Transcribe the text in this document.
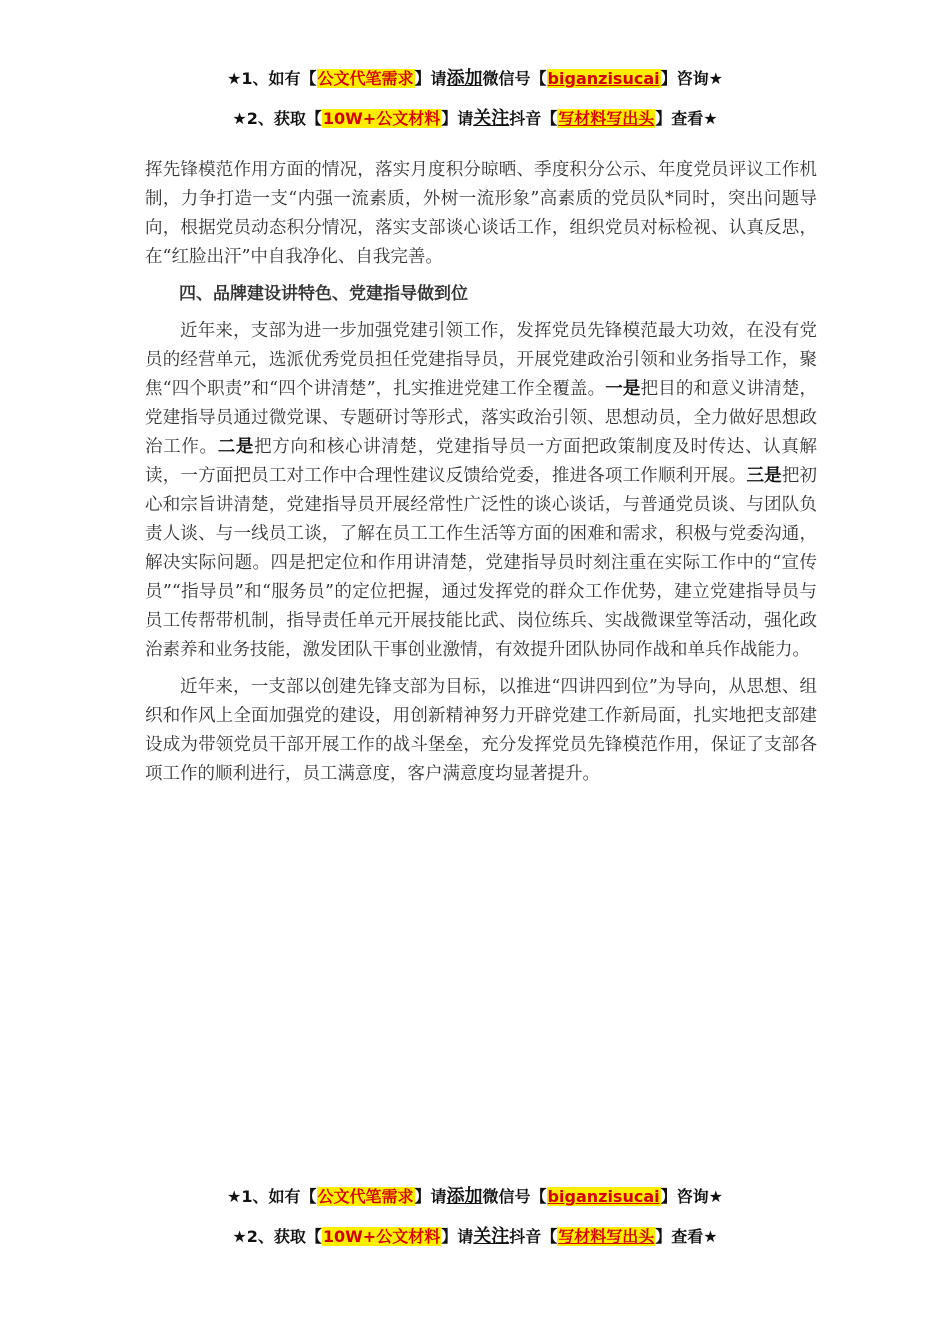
★1、如有【公文代笔需求】请添加微信号【biganzisucai】咨询★
★2、获取【10W+公文材料】请关注抖音【写材料写出头】查看★

挥先锋模范作用方面的情况，落实月度积分晾晒、季度积分公示、年度党员评议工作机制，力争打造一支“内强一流素质，外树一流形象”高素质的党员队*同时，突出问题导向，根据党员动态积分情况，落实支部谈心谈话工作，组织党员对标检视、认真反思，在“红脸出汗”中自我净化、自我完善。

四、品牌建设讲特色、党建指导做到位

近年来，支部为进一步加强党建引领工作，发挥党员先锋模范最大功效，在没有党员的经营单元，选派优秀党员担任党建指导员，开展党建政治引领和业务指导工作，聚焦“四个职责”和“四个讲清楚”，扎实推进党建工作全覆盖。一是把目的和意义讲清楚，党建指导员通过微党课、专题研讨等形式，落实政治引领、思想动员，全力做好思想政治工作。二是把方向和核心讲清楚，党建指导员一方面把政策制度及时传达、认真解读，一方面把员工对工作中合理性建议反馈给党委，推进各项工作顺利开展。三是把初心和宗旨讲清楚，党建指导员开展经常性广泛性的谈心谈话，与普通党员谈、与团队负责人谈、与一线员工谈，了解在员工工作生活等方面的困难和需求，积极与党委沟通，解决实际问题。四是把定位和作用讲清楚，党建指导员时刻注重在实际工作中的“宣传员”“指导员”和“服务员”的定位把握，通过发挥党的群众工作优势，建立党建指导员与员工传帮带机制，指导责任单元开展技能比武、岗位练兵、实战微课堂等活动，强化政治素养和业务技能，激发团队干事创业激情，有效提升团队协同作战和单兵作战能力。

近年来，一支部以创建先锋支部为目标，以推进“四讲四到位”为导向，从思想、组织和作风上全面加强党的建设，用创新精神努力开辟党建工作新局面，扎实地把支部建设成为带领党员干部开展工作的战斗堡垒，充分发挥党员先锋模范作用，保证了支部各项工作的顺利进行，员工满意度，客户满意度均显著提升。

★1、如有【公文代笔需求】请添加微信号【biganzisucai】咨询★
★2、获取【10W+公文材料】请关注抖音【写材料写出头】查看★
